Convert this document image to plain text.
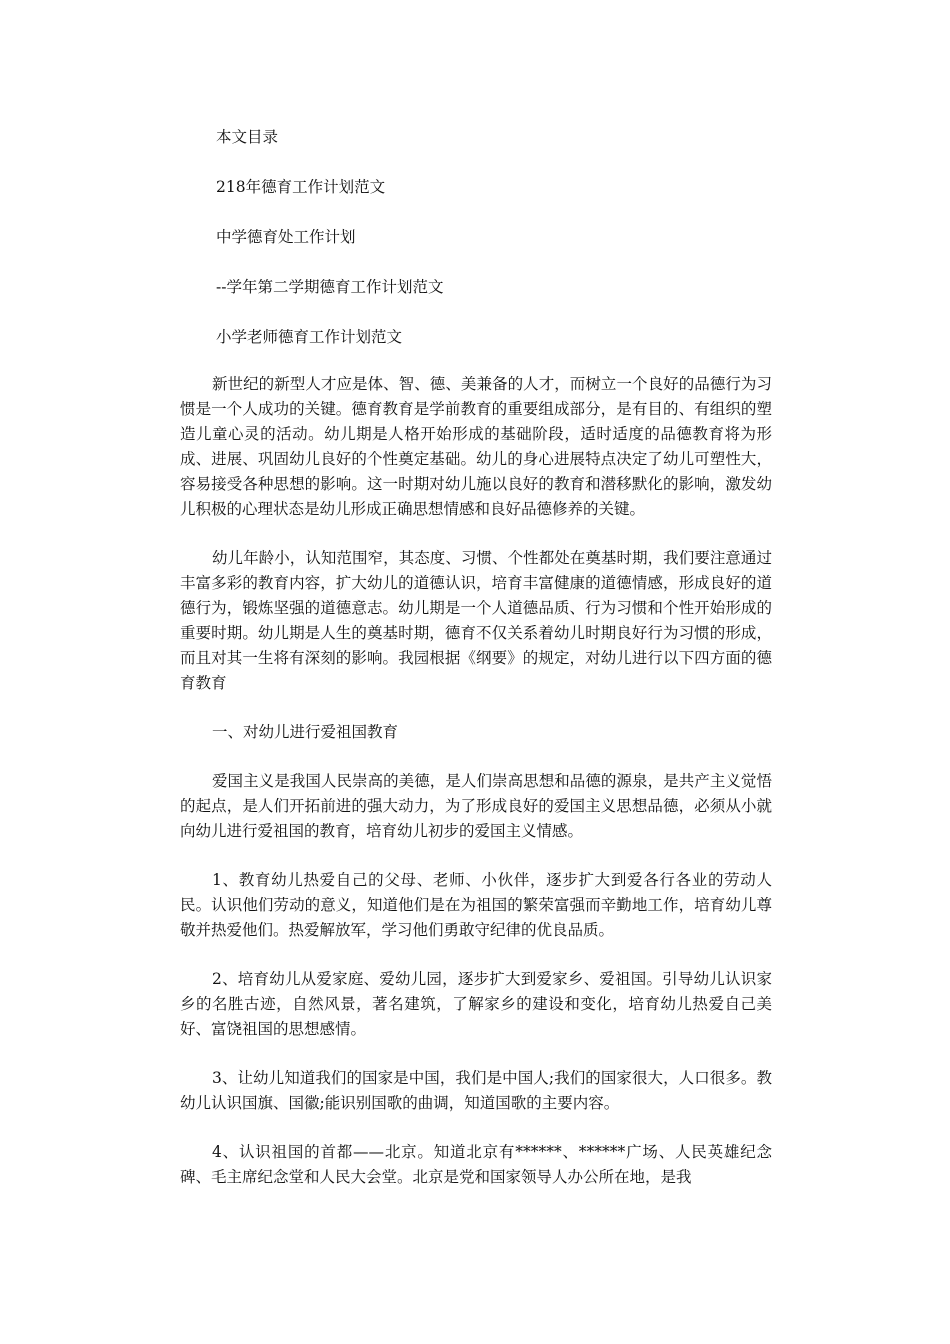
本文目录
218年德育工作计划范文
中学德育处工作计划
--学年第二学期德育工作计划范文
小学老师德育工作计划范文

新世纪的新型人才应是体、智、德、美兼备的人才，而树立一个良好的品德行为习惯是一个人成功的关键。德育教育是学前教育的重要组成部分，是有目的、有组织的塑造儿童心灵的活动。幼儿期是人格开始形成的基础阶段，适时适度的品德教育将为形成、进展、巩固幼儿良好的个性奠定基础。幼儿的身心进展特点决定了幼儿可塑性大，容易接受各种思想的影响。这一时期对幼儿施以良好的教育和潜移默化的影响，激发幼儿积极的心理状态是幼儿形成正确思想情感和良好品德修养的关键。

幼儿年龄小，认知范围窄，其态度、习惯、个性都处在奠基时期，我们要注意通过丰富多彩的教育内容，扩大幼儿的道德认识，培育丰富健康的道德情感，形成良好的道德行为，锻炼坚强的道德意志。幼儿期是一个人道德品质、行为习惯和个性开始形成的重要时期。幼儿期是人生的奠基时期，德育不仅关系着幼儿时期良好行为习惯的形成，而且对其一生将有深刻的影响。我园根据《纲要》的规定，对幼儿进行以下四方面的德育教育

一、对幼儿进行爱祖国教育

爱国主义是我国人民崇高的美德，是人们崇高思想和品德的源泉，是共产主义觉悟的起点，是人们开拓前进的强大动力，为了形成良好的爱国主义思想品德，必须从小就向幼儿进行爱祖国的教育，培育幼儿初步的爱国主义情感。

1、教育幼儿热爱自己的父母、老师、小伙伴，逐步扩大到爱各行各业的劳动人民。认识他们劳动的意义，知道他们是在为祖国的繁荣富强而辛勤地工作，培育幼儿尊敬并热爱他们。热爱解放军，学习他们勇敢守纪律的优良品质。

2、培育幼儿从爱家庭、爱幼儿园，逐步扩大到爱家乡、爱祖国。引导幼儿认识家乡的名胜古迹，自然风景，著名建筑，了解家乡的建设和变化，培育幼儿热爱自己美好、富饶祖国的思想感情。

3、让幼儿知道我们的国家是中国，我们是中国人;我们的国家很大，人口很多。教幼儿认识国旗、国徽;能识别国歌的曲调，知道国歌的主要内容。

4、认识祖国的首都——北京。知道北京有******、******广场、人民英雄纪念碑、毛主席纪念堂和人民大会堂。北京是党和国家领导人办公所在地，是我
